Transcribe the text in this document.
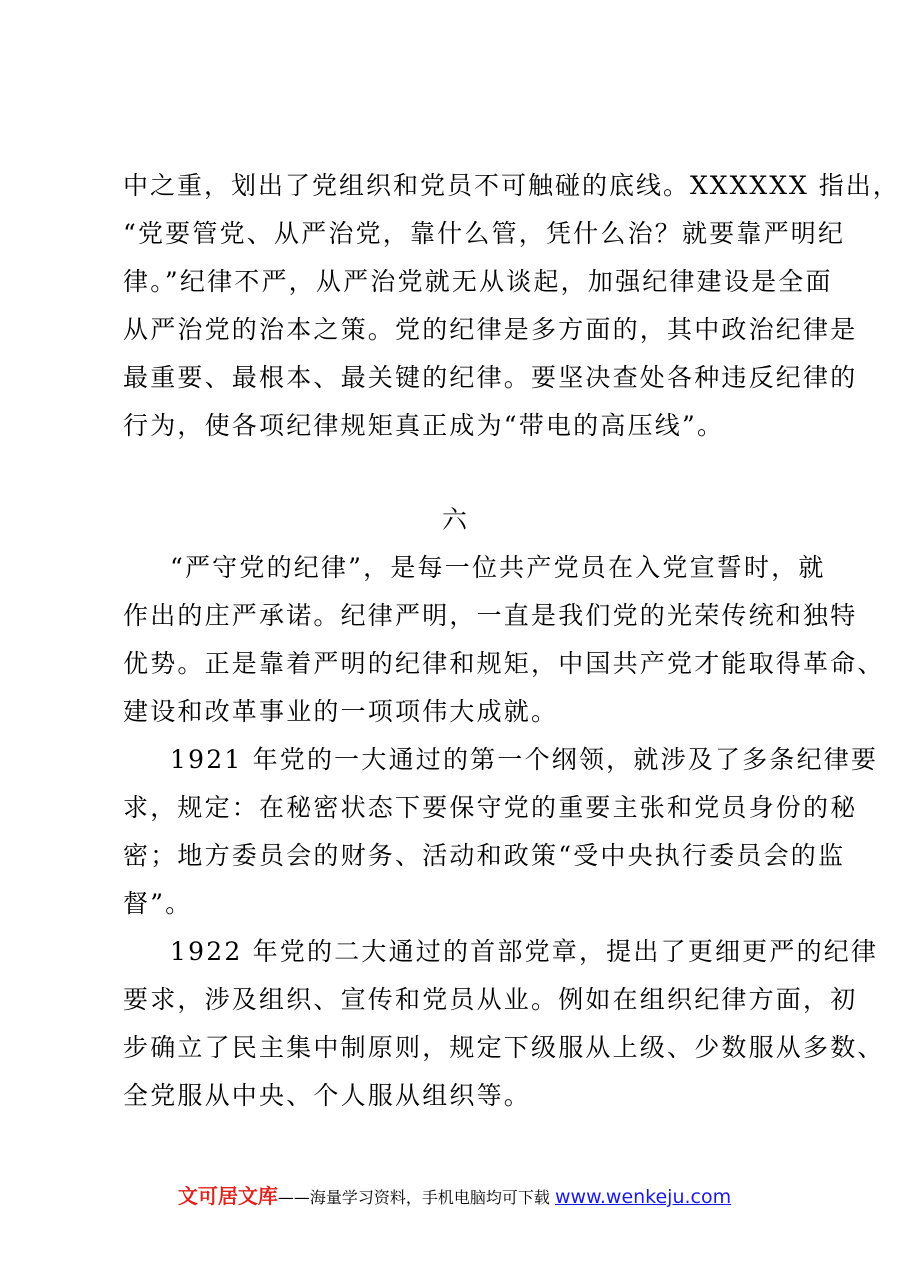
中之重，划出了党组织和党员不可触碰的底线。XXXXXX 指出，
“党要管党、从严治党，靠什么管，凭什么治？就要靠严明纪
律。”纪律不严，从严治党就无从谈起，加强纪律建设是全面
从严治党的治本之策。党的纪律是多方面的，其中政治纪律是
最重要、最根本、最关键的纪律。要坚决查处各种违反纪律的
行为，使各项纪律规矩真正成为“带电的高压线”。
六
“严守党的纪律”，是每一位共产党员在入党宣誓时，就
作出的庄严承诺。纪律严明，一直是我们党的光荣传统和独特
优势。正是靠着严明的纪律和规矩，中国共产党才能取得革命、
建设和改革事业的一项项伟大成就。
1921 年党的一大通过的第一个纲领，就涉及了多条纪律要
求，规定：在秘密状态下要保守党的重要主张和党员身份的秘
密；地方委员会的财务、活动和政策“受中央执行委员会的监
督”。
1922 年党的二大通过的首部党章，提出了更细更严的纪律
要求，涉及组织、宣传和党员从业。例如在组织纪律方面，初
步确立了民主集中制原则，规定下级服从上级、少数服从多数、
全党服从中央、个人服从组织等。
文可居文库——海量学习资料，手机电脑均可下载 www.wenkeju.com
